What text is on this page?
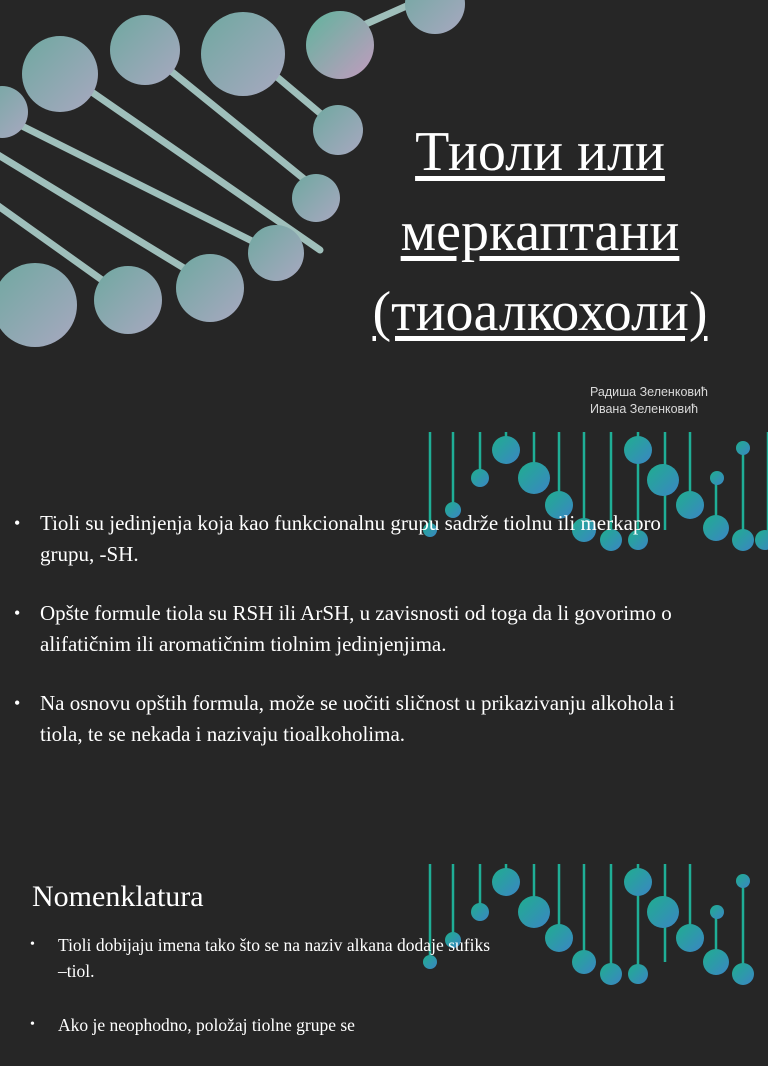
Тиоли или
меркаптани
(тиоалкохоли)
Радиша Зеленковић
Ивана Зеленковић
• Tioli su jedinjenja koja kao funkcionalnu grupu sadrže tiolnu ili merkapro grupu, -SH.
• Opšte formule tiola su RSH ili ArSH, u zavisnosti od toga da li govorimo o alifatičnim ili aromatičnim tiolnim jedinjenjima.
• Na osnovu opštih formula, može se uočiti sličnost u prikazivanju alkohola i tiola, te se nekada i nazivaju tioalkoholima.
Nomenklatura
• Tioli dobijaju imena tako što se na naziv alkana dodaje sufiks –tiol.
• Ako je neophodno, položaj tiolne grupe se
